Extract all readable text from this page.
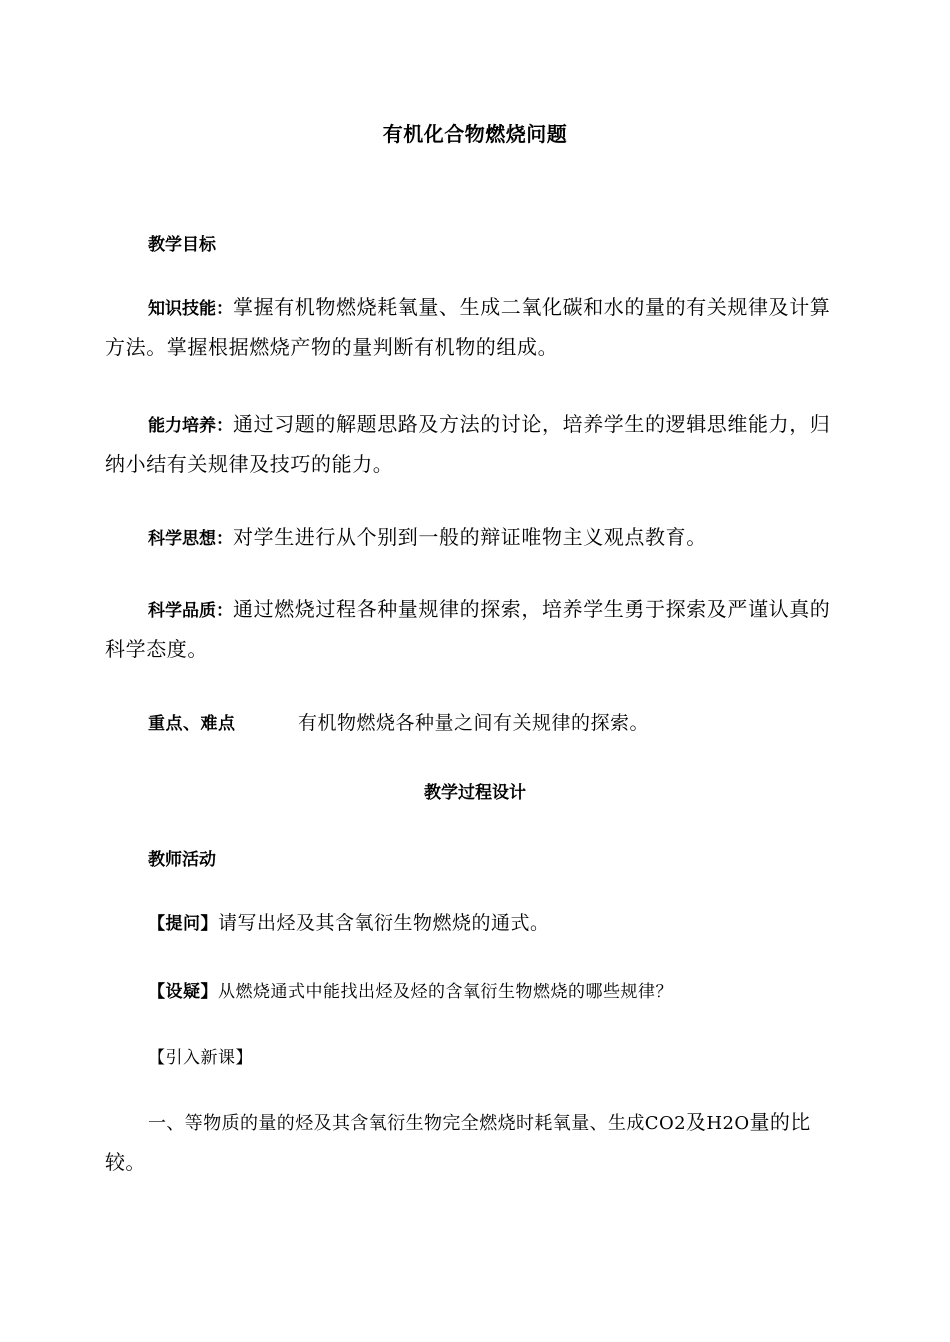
有机化合物燃烧问题
教学目标
知识技能：掌握有机物燃烧耗氧量、生成二氧化碳和水的量的有关规律及计算方法。掌握根据燃烧产物的量判断有机物的组成。
能力培养：通过习题的解题思路及方法的讨论，培养学生的逻辑思维能力，归纳小结有关规律及技巧的能力。
科学思想：对学生进行从个别到一般的辩证唯物主义观点教育。
科学品质：通过燃烧过程各种量规律的探索，培养学生勇于探索及严谨认真的科学态度。
重点、难点	有机物燃烧各种量之间有关规律的探索。
教学过程设计
教师活动
【提问】请写出烃及其含氧衍生物燃烧的通式。
【设疑】从燃烧通式中能找出烃及烃的含氧衍生物燃烧的哪些规律？
【引入新课】
一、等物质的量的烃及其含氧衍生物完全燃烧时耗氧量、生成CO2及H2O量的比较。
